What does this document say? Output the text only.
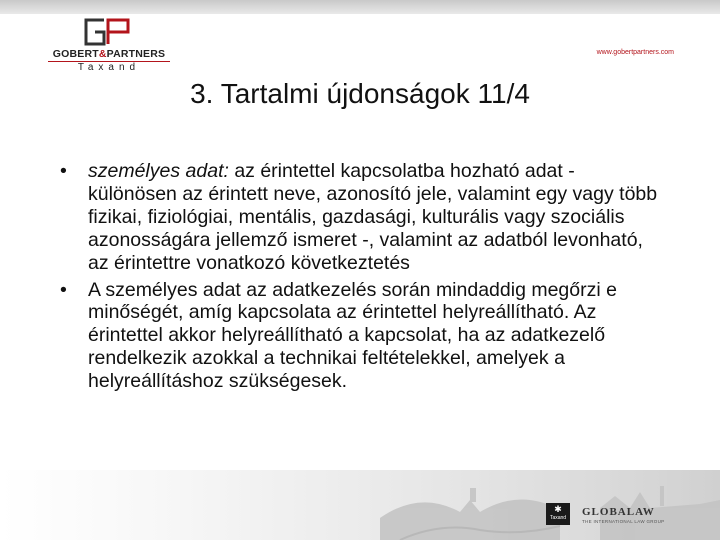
GOBERT&PARTNERS
Taxand
www.gobertpartners.com
3. Tartalmi újdonságok 11/4
• személyes adat: az érintettel kapcsolatba hozható adat - különösen az érintett neve, azonosító jele, valamint egy vagy több fizikai, fiziológiai, mentális, gazdasági, kulturális vagy szociális azonosságára jellemző ismeret -, valamint az adatból levonható, az érintettre vonatkozó következtetés
• A személyes adat az adatkezelés során mindaddig megőrzi e minőségét, amíg kapcsolata az érintettel helyreállítható. Az érintettel akkor helyreállítható a kapcsolat, ha az adatkezelő rendelkezik azokkal a technikai feltételekkel, amelyek a helyreállításhoz szükségesek.
✱
Taxand	GLOBALAW
THE INTERNATIONAL LAW GROUP
